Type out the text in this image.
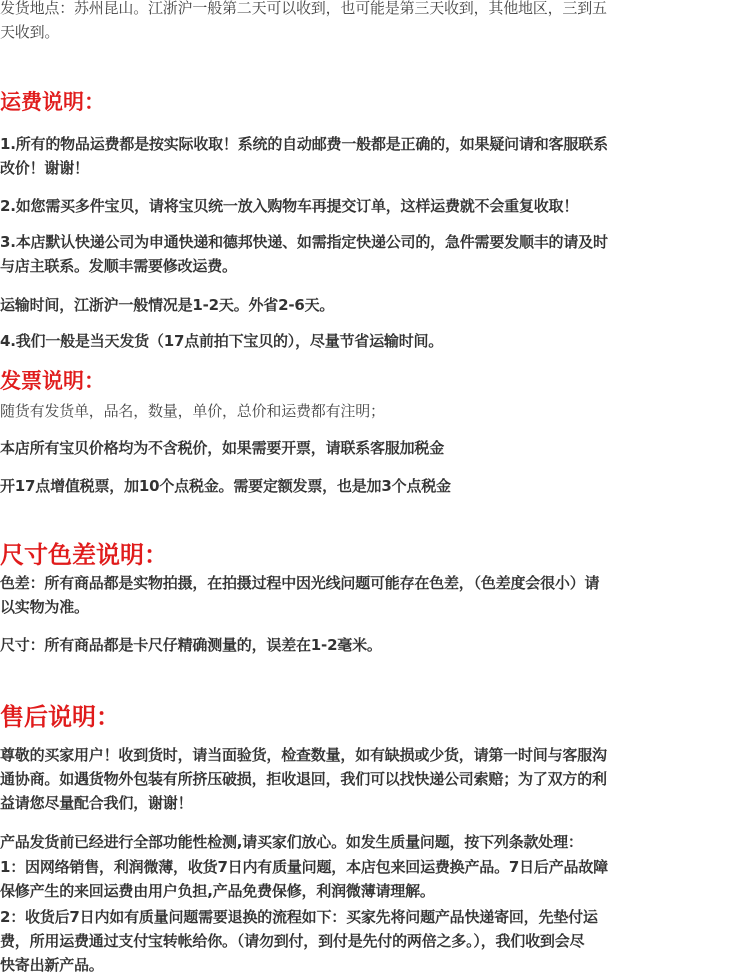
发货地点：苏州昆山。江浙沪一般第二天可以收到，也可能是第三天收到，其他地区，三到五
天收到。
运费说明：
1.所有的物品运费都是按实际收取！系统的自动邮费一般都是正确的，如果疑问请和客服联系
改价！谢谢！
2.如您需买多件宝贝，请将宝贝统一放入购物车再提交订单，这样运费就不会重复收取！
3.本店默认快递公司为申通快递和德邦快递、如需指定快递公司的，急件需要发顺丰的请及时
与店主联系。发顺丰需要修改运费。
运输时间，江浙沪一般情况是1-2天。外省2-6天。
4.我们一般是当天发货（17点前拍下宝贝的），尽量节省运输时间。
发票说明：
随货有发货单，品名，数量，单价，总价和运费都有注明；
本店所有宝贝价格均为不含税价，如果需要开票，请联系客服加税金
开17点增值税票，加10个点税金。需要定额发票，也是加3个点税金
尺寸色差说明：
色差：所有商品都是实物拍摄，在拍摄过程中因光线问题可能存在色差，（色差度会很小）请
以实物为准。
尺寸：所有商品都是卡尺仔精确测量的，误差在1-2毫米。
售后说明：
尊敬的买家用户！收到货时，请当面验货，检查数量，如有缺损或少货，请第一时间与客服沟
通协商。如遇货物外包装有所挤压破损，拒收退回，我们可以找快递公司索赔；为了双方的利
益请您尽量配合我们，谢谢！
产品发货前已经进行全部功能性检测,请买家们放心。如发生质量问题，按下列条款处理：
1：因网络销售，利润微薄，收货7日内有质量问题，本店包来回运费换产品。7日后产品故障
保修产生的来回运费由用户负担,产品免费保修，利润微薄请理解。
2：收货后7日内如有质量问题需要退换的流程如下：买家先将问题产品快递寄回，先垫付运
费，所用运费通过支付宝转帐给你。（请勿到付，到付是先付的两倍之多。），我们收到会尽
快寄出新产品。
